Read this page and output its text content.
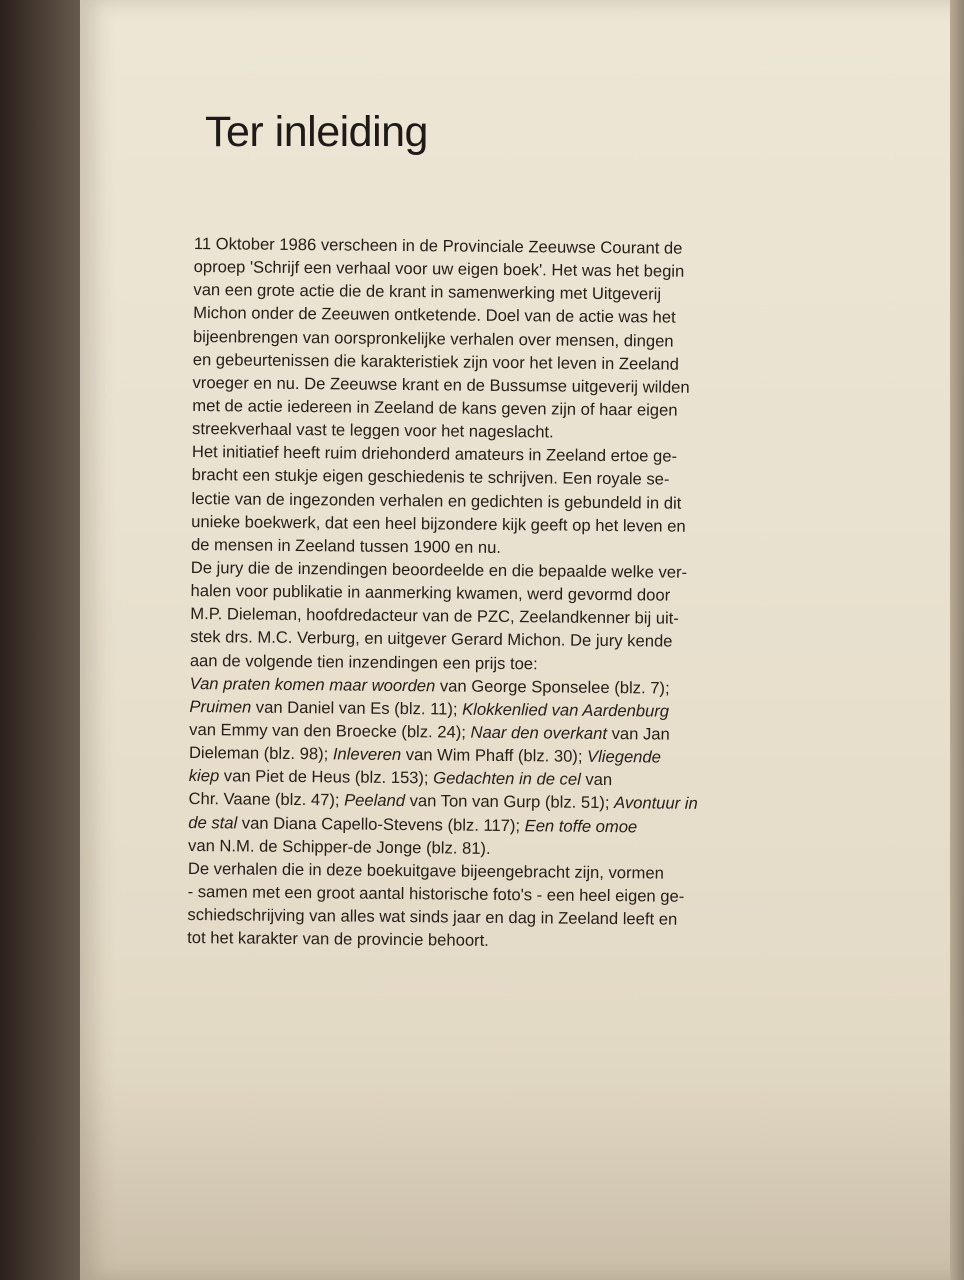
Ter inleiding
11 Oktober 1986 verscheen in de Provinciale Zeeuwse Courant de
oproep 'Schrijf een verhaal voor uw eigen boek'. Het was het begin
van een grote actie die de krant in samenwerking met Uitgeverij
Michon onder de Zeeuwen ontketende. Doel van de actie was het
bijeenbrengen van oorspronkelijke verhalen over mensen, dingen
en gebeurtenissen die karakteristiek zijn voor het leven in Zeeland
vroeger en nu. De Zeeuwse krant en de Bussumse uitgeverij wilden
met de actie iedereen in Zeeland de kans geven zijn of haar eigen
streekverhaal vast te leggen voor het nageslacht.
Het initiatief heeft ruim driehonderd amateurs in Zeeland ertoe ge-
bracht een stukje eigen geschiedenis te schrijven. Een royale se-
lectie van de ingezonden verhalen en gedichten is gebundeld in dit
unieke boekwerk, dat een heel bijzondere kijk geeft op het leven en
de mensen in Zeeland tussen 1900 en nu.
De jury die de inzendingen beoordeelde en die bepaalde welke ver-
halen voor publikatie in aanmerking kwamen, werd gevormd door
M.P. Dieleman, hoofdredacteur van de PZC, Zeelandkenner bij uit-
stek drs. M.C. Verburg, en uitgever Gerard Michon. De jury kende
aan de volgende tien inzendingen een prijs toe:
Van praten komen maar woorden van George Sponselee (blz. 7);
Pruimen van Daniel van Es (blz. 11); Klokkenlied van Aardenburg
van Emmy van den Broecke (blz. 24); Naar den overkant van Jan
Dieleman (blz. 98); Inleveren van Wim Phaff (blz. 30); Vliegende
kiep van Piet de Heus (blz. 153); Gedachten in de cel van
Chr. Vaane (blz. 47); Peeland van Ton van Gurp (blz. 51); Avontuur in
de stal van Diana Capello-Stevens (blz. 117); Een toffe omoe
van N.M. de Schipper-de Jonge (blz. 81).
De verhalen die in deze boekuitgave bijeengebracht zijn, vormen
- samen met een groot aantal historische foto's - een heel eigen ge-
schiedschrijving van alles wat sinds jaar en dag in Zeeland leeft en
tot het karakter van de provincie behoort.
